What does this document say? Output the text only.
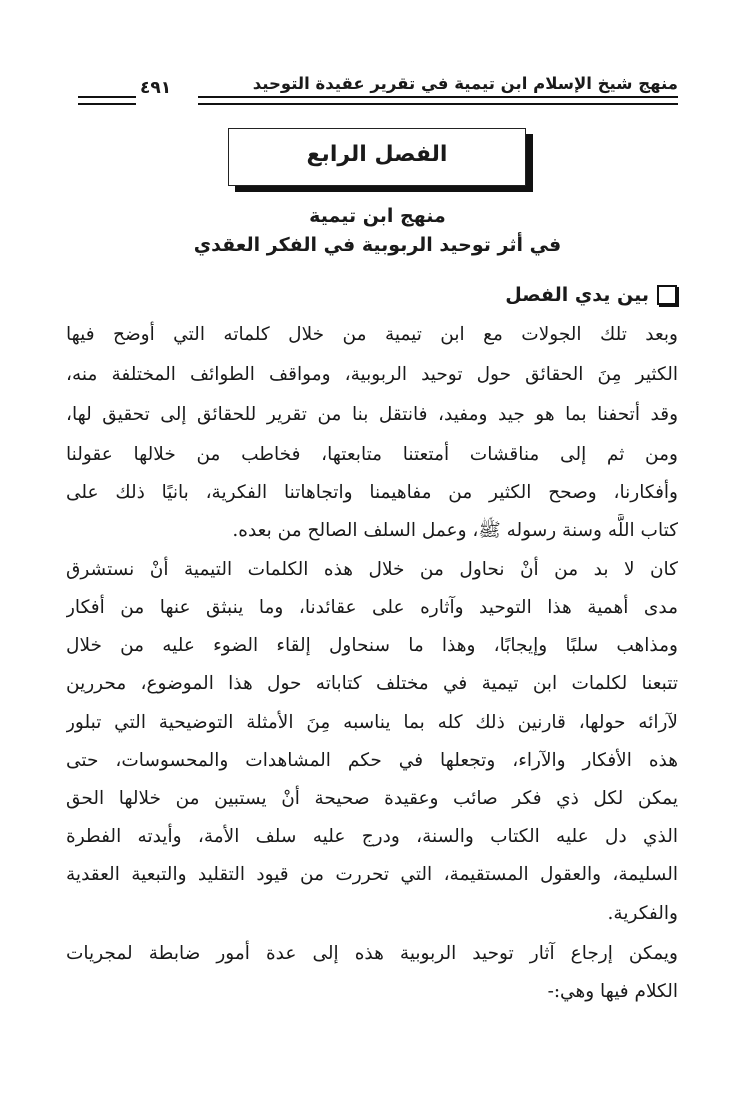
منهج شيخ الإسلام ابن تيمية في تقرير عقيدة التوحيد
٤٩١
الفصل الرابع
منهج ابن تيمية
في أثر توحيد الربوبية في الفكر العقدي
بين يدي الفصل
وبعد تلك الجولات مع ابن تيمية من خلال كلماته التي أوضح فيها
الكثير مِنَ الحقائق حول توحيد الربوبية، ومواقف الطوائف المختلفة منه،
وقد أتحفنا بما هو جيد ومفيد، فانتقل بنا من تقرير للحقائق إلى تحقيق لها،
ومن ثم إلى مناقشات أمتعتنا متابعتها، فخاطب من خلالها عقولنا
وأفكارنا، وصحح الكثير من مفاهيمنا واتجاهاتنا الفكرية، بانيًا ذلك على
كتاب اللَّه وسنة رسوله ﷺ، وعمل السلف الصالح من بعده.
كان لا بد من أنْ نحاول من خلال هذه الكلمات التيمية أنْ نستشرق
مدى أهمية هذا التوحيد وآثاره على عقائدنا، وما ينبثق عنها من أفكار
ومذاهب سلبًا وإيجابًا، وهذا ما سنحاول إلقاء الضوء عليه من خلال
تتبعنا لكلمات ابن تيمية في مختلف كتاباته حول هذا الموضوع، محررين
لآرائه حولها، قارنين ذلك كله بما يناسبه مِنَ الأمثلة التوضيحية التي تبلور
هذه الأفكار والآراء، وتجعلها في حكم المشاهدات والمحسوسات، حتى
يمكن لكل ذي فكر صائب وعقيدة صحيحة أنْ يستبين من خلالها الحق
الذي دل عليه الكتاب والسنة، ودرج عليه سلف الأمة، وأيدته الفطرة
السليمة، والعقول المستقيمة، التي تحررت من قيود التقليد والتبعية العقدية
والفكرية.
ويمكن إرجاع آثار توحيد الربوبية هذه إلى عدة أمور ضابطة لمجريات
الكلام فيها وهي:-
